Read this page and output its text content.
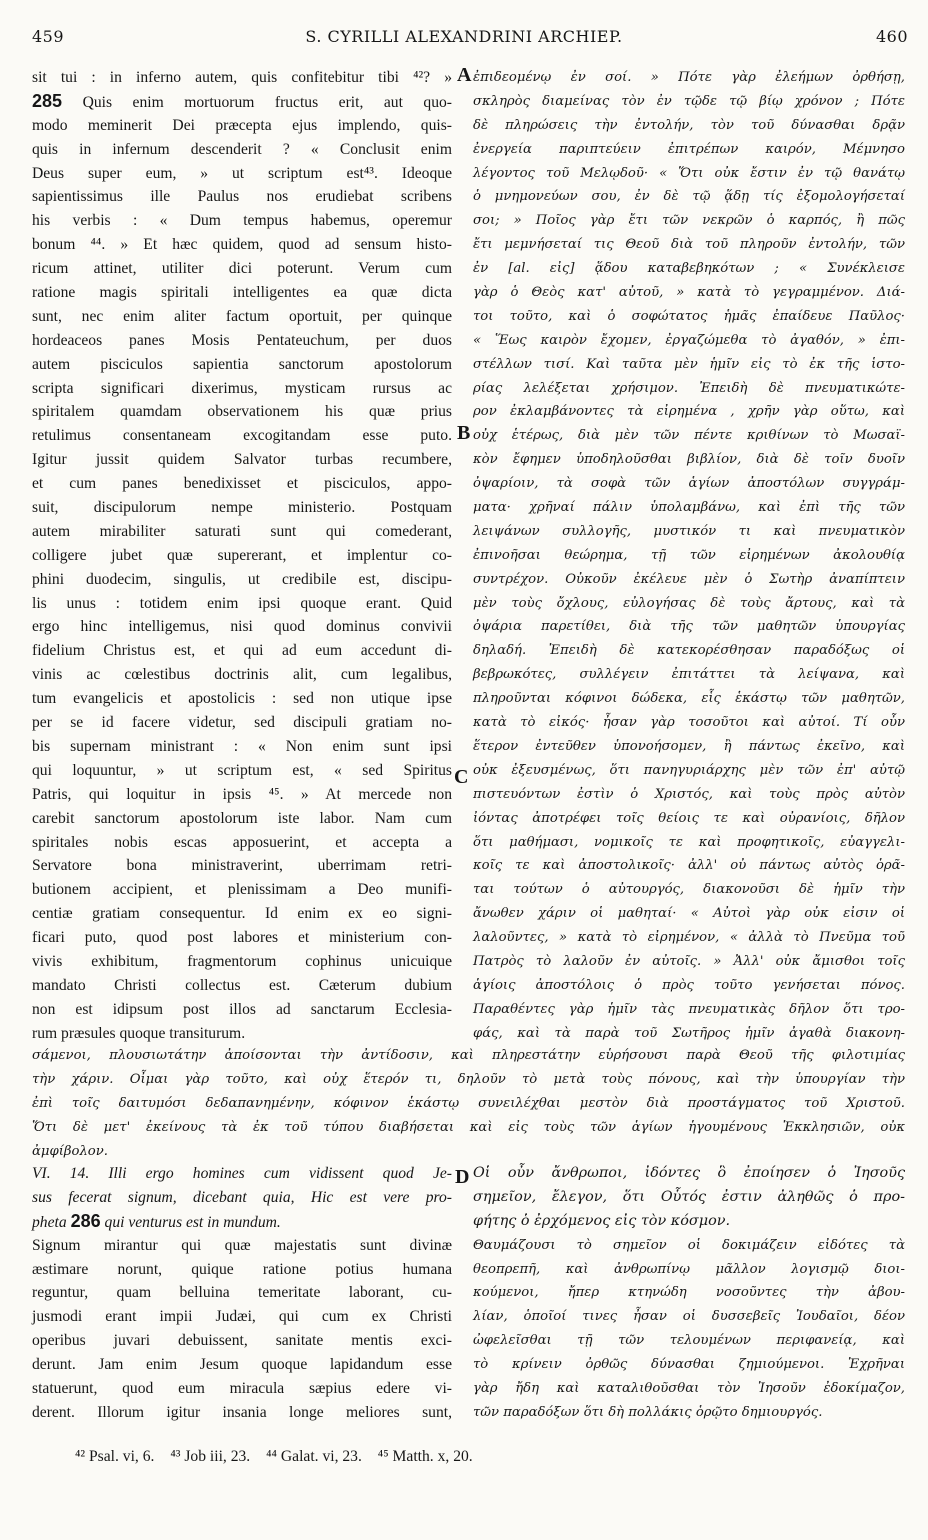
459	S. CYRILLI ALEXANDRINI ARCHIEP.	460
sit tui : in inferno autem, quis confitebitur tibi ⁴²? »
285 Quis enim mortuorum fructus erit, aut quo-
modo meminerit Dei præcepta ejus implendo, quis-
quis in infernum descenderit ? « Conclusit enim
Deus super eum, » ut scriptum est⁴³. Ideoque
sapientissimus ille Paulus nos erudiebat scribens
his verbis : « Dum tempus habemus, operemur
bonum ⁴⁴. » Et hæc quidem, quod ad sensum histo-
ricum attinet, utiliter dici poterunt. Verum cum
ratione magis spiritali intelligentes ea quæ dicta
sunt, nec enim aliter factum oportuit, per quinque
hordeaceos panes Mosis Pentateuchum, per duos
autem pisciculos sapientia sanctorum apostolorum
scripta significari dixerimus, mysticam rursus ac
spiritalem quamdam observationem his quæ prius
retulimus consentaneam excogitandam esse puto.
Igitur jussit quidem Salvator turbas recumbere,
et cum panes benedixisset et pisciculos, appo-
suit, discipulorum nempe ministerio. Postquam
autem mirabiliter saturati sunt qui comederant,
colligere jubet quæ supererant, et implentur co-
phini duodecim, singulis, ut credibile est, discipu-
lis unus : totidem enim ipsi quoque erant. Quid
ergo hinc intelligemus, nisi quod dominus convivii
fidelium Christus est, et qui ad eum accedunt di-
vinis ac cœlestibus doctrinis alit, cum legalibus,
tum evangelicis et apostolicis : sed non utique ipse
per se id facere videtur, sed discipuli gratiam no-
bis supernam ministrant : « Non enim sunt ipsi
qui loquuntur, » ut scriptum est, « sed Spiritus
Patris, qui loquitur in ipsis ⁴⁵. » At mercede non
carebit sanctorum apostolorum iste labor. Nam cum
spiritales nobis escas apposuerint, et accepta a
Servatore bona ministraverint, uberrimam retri-
butionem accipient, et plenissimam a Deo munifi-
centiæ gratiam consequentur. Id enim ex eo signi-
ficari puto, quod post labores et ministerium con-
vivis exhibitum, fragmentorum cophinus unicuique
mandato Christi collectus est. Cæterum dubium
non est idipsum post illos ad sanctarum Ecclesia-
rum præsules quoque transiturum.
ἐπιδεομένῳ ἐν σοί. » Πότε γὰρ ἐλεήμων ὀρθήσῃ,
σκληρὸς διαμείνας τὸν ἐν τῷδε τῷ βίῳ χρόνον ; Πότε
δὲ πληρώσεις τὴν ἐντολήν, τὸν τοῦ δύνασθαι δρᾷν
ἐνεργεία παριπτεύειν ἐπιτρέπων καιρόν, Μέμνησο
λέγοντος τοῦ Μελῳδοῦ· « Ὅτι οὐκ ἔστιν ἐν τῷ θανάτῳ
ὁ μνημονεύων σου, ἐν δὲ τῷ ᾅδῃ τίς ἐξομολογήσεταί
σοι; » Ποῖος γὰρ ἔτι τῶν νεκρῶν ὁ καρπός, ἢ πῶς
ἔτι μεμνήσεταί τις Θεοῦ διὰ τοῦ πληροῦν ἐντολήν, τῶν
ἐν [al. εἰς] ᾅδου καταβεβηκότων ; « Συνέκλεισε
γὰρ ὁ Θεὸς κατ' αὐτοῦ, » κατὰ τὸ γεγραμμένον. Διά-
τοι τοῦτο, καὶ ὁ σοφώτατος ἡμᾶς ἐπαίδευε Παῦλος·
« Ἕως καιρὸν ἔχομεν, ἐργαζώμεθα τὸ ἀγαθόν, » ἐπι-
στέλλων τισί. Καὶ ταῦτα μὲν ἡμῖν εἰς τὸ ἐκ τῆς ἱστο-
ρίας λελέξεται χρήσιμον. Ἐπειδὴ δὲ πνευματικώτε-
ρον ἐκλαμβάνοντες τὰ εἰρημένα , χρῆν γὰρ οὕτω, καὶ
οὐχ ἑτέρως, διὰ μὲν τῶν πέντε κριθίνων τὸ Μωσαϊ-
κὸν ἔφημεν ὑποδηλοῦσθαι βιβλίον, διὰ δὲ τοῖν δυοῖν
ὀψαρίοιν, τὰ σοφὰ τῶν ἁγίων ἀποστόλων συγγράμ-
ματα· χρῆναί πάλιν ὑπολαμβάνω, καὶ ἐπὶ τῆς τῶν
λειψάνων συλλογῆς, μυστικόν τι καὶ πνευματικὸν
ἐπινοῆσαι θεώρημα, τῇ τῶν εἰρημένων ἀκολουθίᾳ
συντρέχον. Οὐκοῦν ἐκέλευε μὲν ὁ Σωτὴρ ἀναπίπτειν
μὲν τοὺς ὄχλους, εὐλογήσας δὲ τοὺς ἄρτους, καὶ τὰ
ὀψάρια παρετίθει, διὰ τῆς τῶν μαθητῶν ὑπουργίας
δηλαδή. Ἐπειδὴ δὲ κατεκορέσθησαν παραδόξως οἱ
βεβρωκότες, συλλέγειν ἐπιτάττει τὰ λείψανα, καὶ
πληροῦνται κόφινοι δώδεκα, εἷς ἑκάστῳ τῶν μαθητῶν,
κατὰ τὸ εἰκός· ἦσαν γὰρ τοσοῦτοι καὶ αὐτοί. Τί οὖν
ἕτερον ἐντεῦθεν ὑπονοήσομεν, ἢ πάντως ἐκεῖνο, καὶ
οὐκ ἐξευσμένως, ὅτι πανηγυριάρχης μὲν τῶν ἐπ' αὐτῷ
πιστευόντων ἐστὶν ὁ Χριστός, καὶ τοὺς πρὸς αὐτὸν
ἰόντας ἀποτρέφει τοῖς θείοις τε καὶ οὐρανίοις, δῆλον
ὅτι μαθήμασι, νομικοῖς τε καὶ προφητικοῖς, εὐαγγελι-
κοῖς τε καὶ ἀποστολικοῖς· ἀλλ' οὐ πάντως αὐτὸς ὁρᾶ-
ται τούτων ὁ αὐτουργός, διακονοῦσι δὲ ἡμῖν τὴν
ἄνωθεν χάριν οἱ μαθηταί· « Αὐτοὶ γὰρ οὐκ εἰσιν οἱ
λαλοῦντες, » κατὰ τὸ εἰρημένον, « ἀλλὰ τὸ Πνεῦμα τοῦ
Πατρὸς τὸ λαλοῦν ἐν αὐτοῖς. » Ἀλλ' οὐκ ἄμισθοι τοῖς
ἁγίοις ἀποστόλοις ὁ πρὸς τοῦτο γενήσεται πόνος.
Παραθέντες γὰρ ἡμῖν τὰς πνευματικὰς δῆλον ὅτι τρο-
φάς, καὶ τὰ παρὰ τοῦ Σωτῆρος ἡμῖν ἀγαθὰ διακονη-
A
B
C
D
σάμενοι, πλουσιωτάτην ἀποίσονται τὴν ἀντίδοσιν, καὶ πληρεστάτην εὑρήσουσι παρὰ Θεοῦ τῆς φιλοτιμίας
τὴν χάριν. Οἶμαι γὰρ τοῦτο, καὶ οὐχ ἕτερόν τι, δηλοῦν τὸ μετὰ τοὺς πόνους, καὶ τὴν ὑπουργίαν τὴν
ἐπὶ τοῖς δαιτυμόσι δεδαπανημένην, κόφινον ἑκάστῳ συνειλέχθαι μεστὸν διὰ προστάγματος τοῦ Χριστοῦ.
Ὅτι δὲ μετ' ἐκείνους τὰ ἐκ τοῦ τύπου διαβήσεται καὶ εἰς τοὺς τῶν ἁγίων ἡγουμένους Ἐκκλησιῶν, οὐκ
ἀμφίβολον.
VI. 14. Illi ergo homines cum vidissent quod Je-
sus fecerat signum, dicebant quia, Hic est vere pro-
pheta 286 qui venturus est in mundum.
Signum mirantur qui quæ majestatis sunt divinæ
æstimare norunt, quique ratione potius humana
reguntur, quam belluina temeritate laborant, cu-
jusmodi erant impii Judæi, qui cum ex Christi
operibus juvari debuissent, sanitate mentis exci-
derunt. Jam enim Jesum quoque lapidandum esse
statuerunt, quod eum miracula sæpius edere vi-
derent. Illorum igitur insania longe meliores sunt,
Οἱ οὖν ἄνθρωποι, ἰδόντες ὃ ἐποίησεν ὁ Ἰησοῦς
σημεῖον, ἔλεγον, ὅτι Οὗτός ἐστιν ἀληθῶς ὁ προ-
φήτης ὁ ἐρχόμενος εἰς τὸν κόσμον.
Θαυμάζουσι τὸ σημεῖον οἱ δοκιμάζειν εἰδότες τὰ
θεοπρεπῆ, καὶ ἀνθρωπίνῳ μᾶλλον λογισμῷ διοι-
κούμενοι, ἤπερ κτηνώδη νοσοῦντες τὴν ἀβου-
λίαν, ὁποῖοί τινες ἦσαν οἱ δυσσεβεῖς Ἰουδαῖοι, δέον
ὠφελεῖσθαι τῇ τῶν τελουμένων περιφανείᾳ, καὶ
τὸ κρίνειν ὀρθῶς δύνασθαι ζημιούμενοι. Ἐχρῆναι
γὰρ ἤδη καὶ καταλιθοῦσθαι τὸν Ἰησοῦν ἐδοκίμαζον,
τῶν παραδόξων ὅτι δὴ πολλάκις ὁρῷτο δημιουργός.
⁴² Psal. vi, 6. ⁴³ Job iii, 23. ⁴⁴ Galat. vi, 23. ⁴⁵ Matth. x, 20.
